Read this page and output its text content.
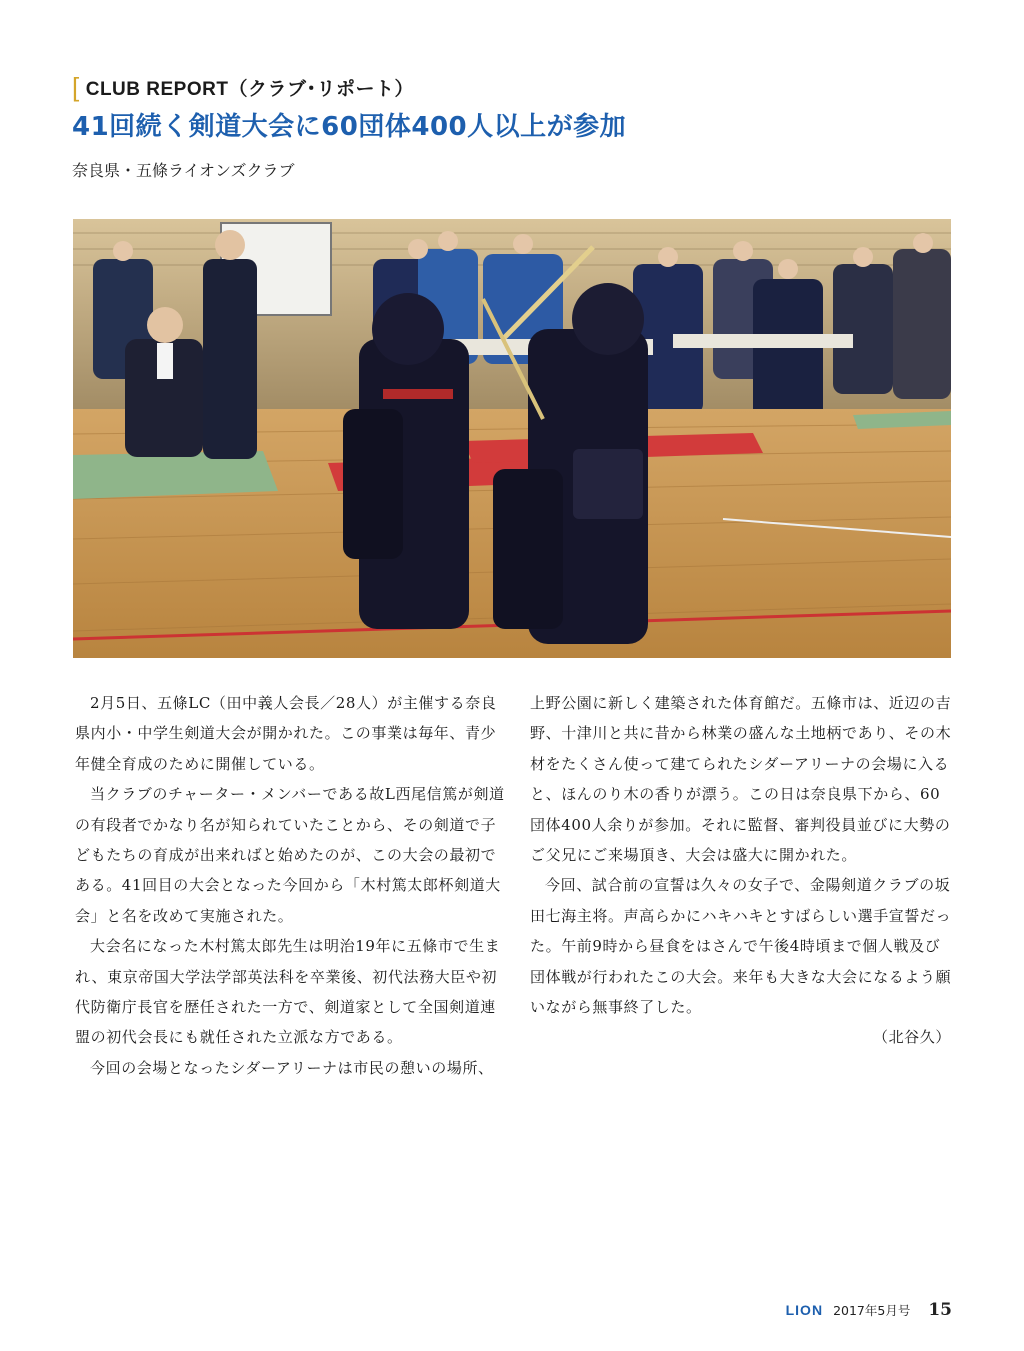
[ CLUB REPORT（クラブ･リポート）
41回続く剣道大会に60団体400人以上が参加
奈良県・五條ライオンズクラブ

2月5日、五條LC（田中義人会長／28人）が主催する奈良県内小・中学生剣道大会が開かれた。この事業は毎年、青少年健全育成のために開催している。

当クラブのチャーター・メンバーである故L西尾信篤が剣道の有段者でかなり名が知られていたことから、その剣道で子どもたちの育成が出来ればと始めたのが、この大会の最初である。41回目の大会となった今回から「木村篤太郎杯剣道大会」と名を改めて実施された。

大会名になった木村篤太郎先生は明治19年に五條市で生まれ、東京帝国大学法学部英法科を卒業後、初代法務大臣や初代防衛庁長官を歴任された一方で、剣道家として全国剣道連盟の初代会長にも就任された立派な方である。

今回の会場となったシダーアリーナは市民の憩いの場所、

上野公園に新しく建築された体育館だ。五條市は、近辺の吉野、十津川と共に昔から林業の盛んな土地柄であり、その木材をたくさん使って建てられたシダーアリーナの会場に入ると、ほんのり木の香りが漂う。この日は奈良県下から、60団体400人余りが参加。それに監督、審判役員並びに大勢のご父兄にご来場頂き、大会は盛大に開かれた。

今回、試合前の宣誓は久々の女子で、金陽剣道クラブの坂田七海主将。声高らかにハキハキとすばらしい選手宣誓だった。午前9時から昼食をはさんで午後4時頃まで個人戦及び団体戦が行われたこの大会。来年も大きな大会になるよう願いながら無事終了した。

（北谷久）

LION 2017年5月号 15
